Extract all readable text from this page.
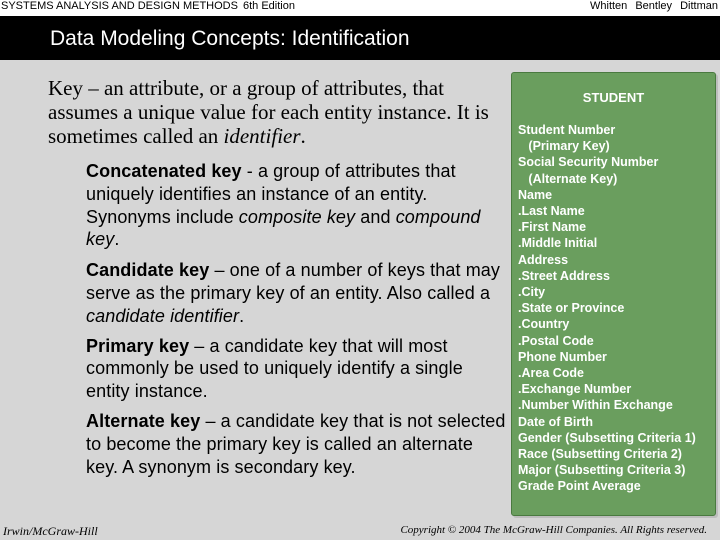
SYSTEMS ANALYSIS AND DESIGN METHODS 6th Edition	Whitten Bentley Dittman
Data Modeling Concepts: Identification
Key – an attribute, or a group of attributes, that assumes a unique value for each entity instance. It is sometimes called an identifier.
Concatenated key - a group of attributes that uniquely identifies an instance of an entity. Synonyms include composite key and compound key.
Candidate key – one of a number of keys that may serve as the primary key of an entity. Also called a candidate identifier.
Primary key – a candidate key that will most commonly be used to uniquely identify a single entity instance.
Alternate key – a candidate key that is not selected to become the primary key is called an alternate key. A synonym is secondary key.
STUDENT
Student Number
(Primary Key)
Social Security Number
(Alternate Key)
Name
.Last Name
.First Name
.Middle Initial
Address
.Street Address
.City
.State or Province
.Country
.Postal Code
Phone Number
.Area Code
.Exchange Number
.Number Within Exchange
Date of Birth
Gender (Subsetting Criteria 1)
Race (Subsetting Criteria 2)
Major (Subsetting Criteria 3)
Grade Point Average
Irwin/McGraw-Hill	Copyright © 2004 The McGraw-Hill Companies. All Rights reserved.
